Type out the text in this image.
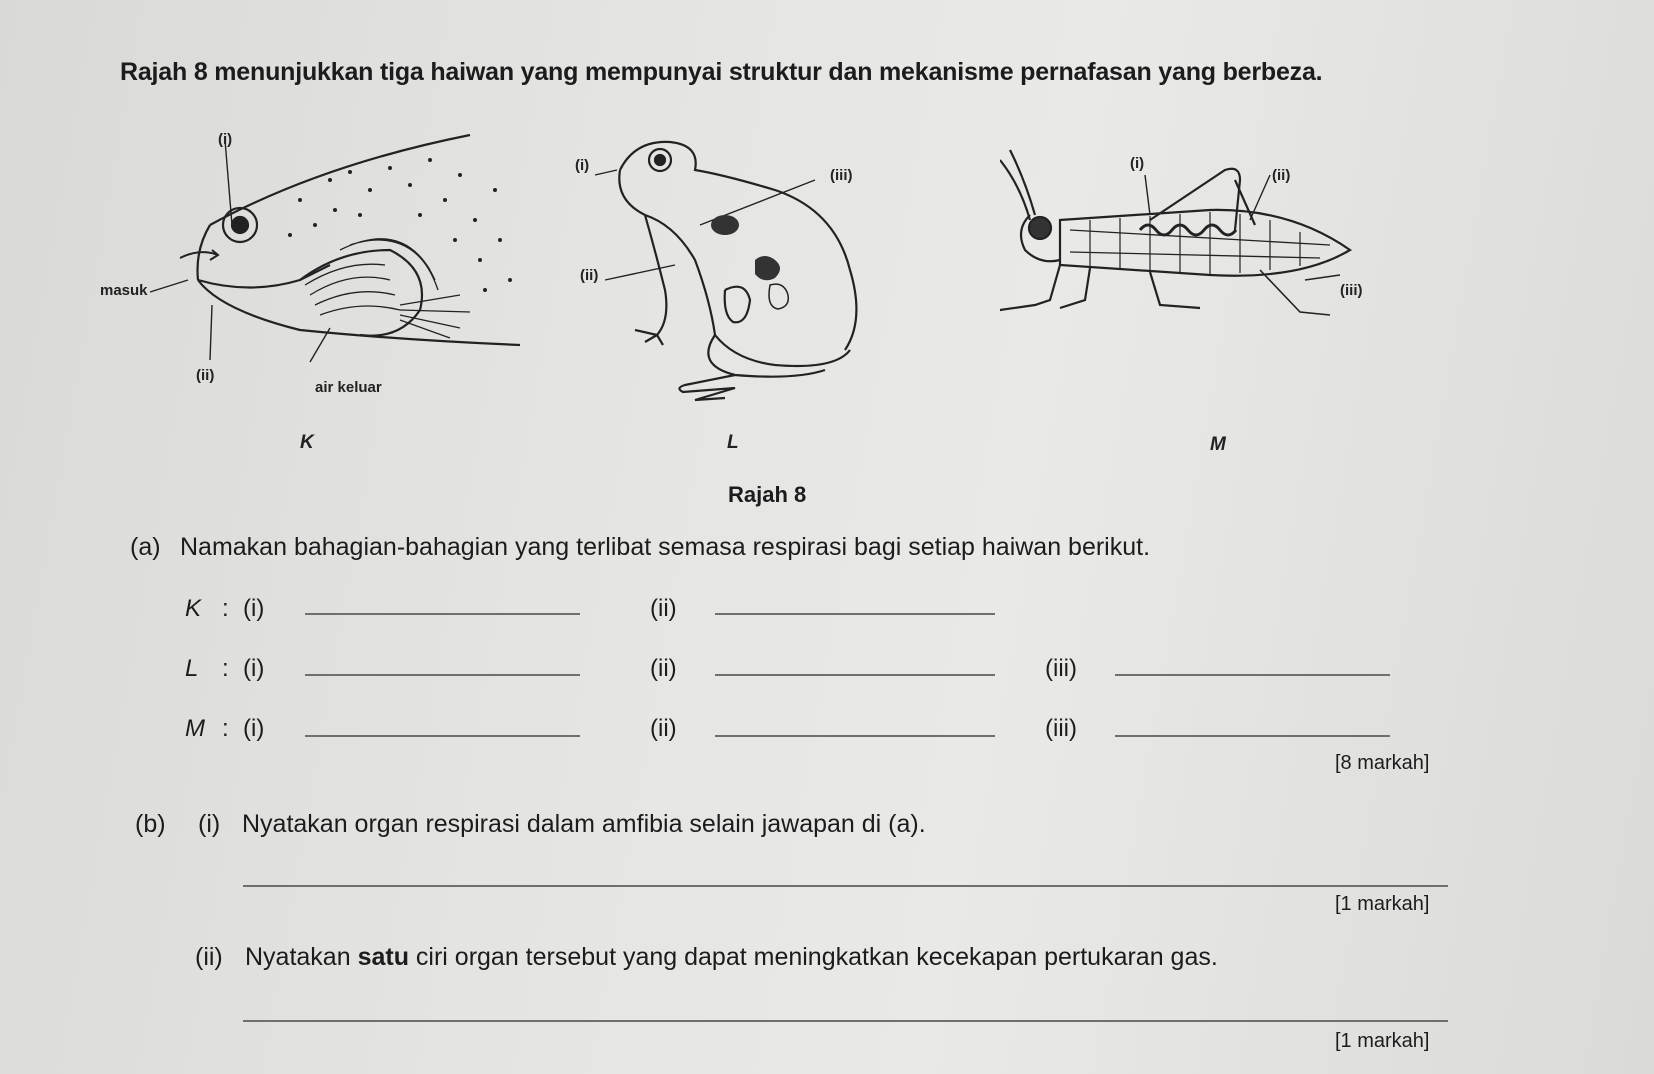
Rajah 8 menunjukkan tiga haiwan yang mempunyai struktur dan mekanisme pernafasan yang berbeza.
(i)
masuk
(ii)
air keluar
K
(i)
(iii)
(ii)
L
(i)
(ii)
(iii)
M
Rajah 8
(a) Namakan bahagian-bahagian yang terlibat semasa respirasi bagi setiap haiwan berikut.
K : (i)	(ii)
L : (i)	(ii)	(iii)
M : (i)	(ii)	(iii)
[8 markah]
(b) (i) Nyatakan organ respirasi dalam amfibia selain jawapan di (a).
[1 markah]
(ii) Nyatakan satu ciri organ tersebut yang dapat meningkatkan kecekapan pertukaran gas.
[1 markah]
